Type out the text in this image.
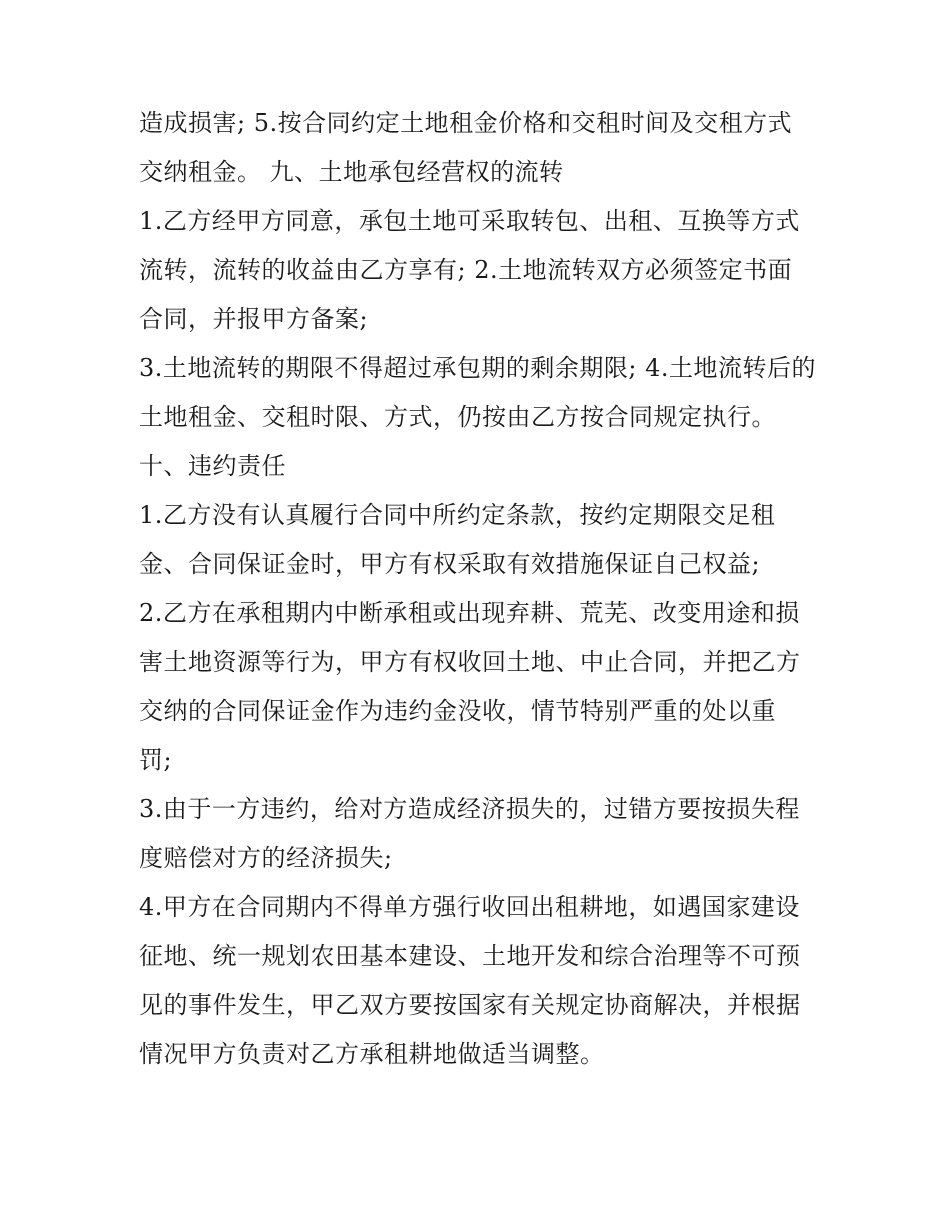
造成损害; 5.按合同约定土地租金价格和交租时间及交租方式
交纳租金。 九、土地承包经营权的流转
1.乙方经甲方同意，承包土地可采取转包、出租、互换等方式
流转，流转的收益由乙方享有; 2.土地流转双方必须签定书面
合同，并报甲方备案;
3.土地流转的期限不得超过承包期的剩余期限; 4.土地流转后的
土地租金、交租时限、方式，仍按由乙方按合同规定执行。
十、违约责任
1.乙方没有认真履行合同中所约定条款，按约定期限交足租
金、合同保证金时，甲方有权采取有效措施保证自己权益;
2.乙方在承租期内中断承租或出现弃耕、荒芜、改变用途和损
害土地资源等行为，甲方有权收回土地、中止合同，并把乙方
交纳的合同保证金作为违约金没收，情节特别严重的处以重
罚;
3.由于一方违约，给对方造成经济损失的，过错方要按损失程
度赔偿对方的经济损失;
4.甲方在合同期内不得单方强行收回出租耕地，如遇国家建设
征地、统一规划农田基本建设、土地开发和综合治理等不可预
见的事件发生，甲乙双方要按国家有关规定协商解决，并根据
情况甲方负责对乙方承租耕地做适当调整。
